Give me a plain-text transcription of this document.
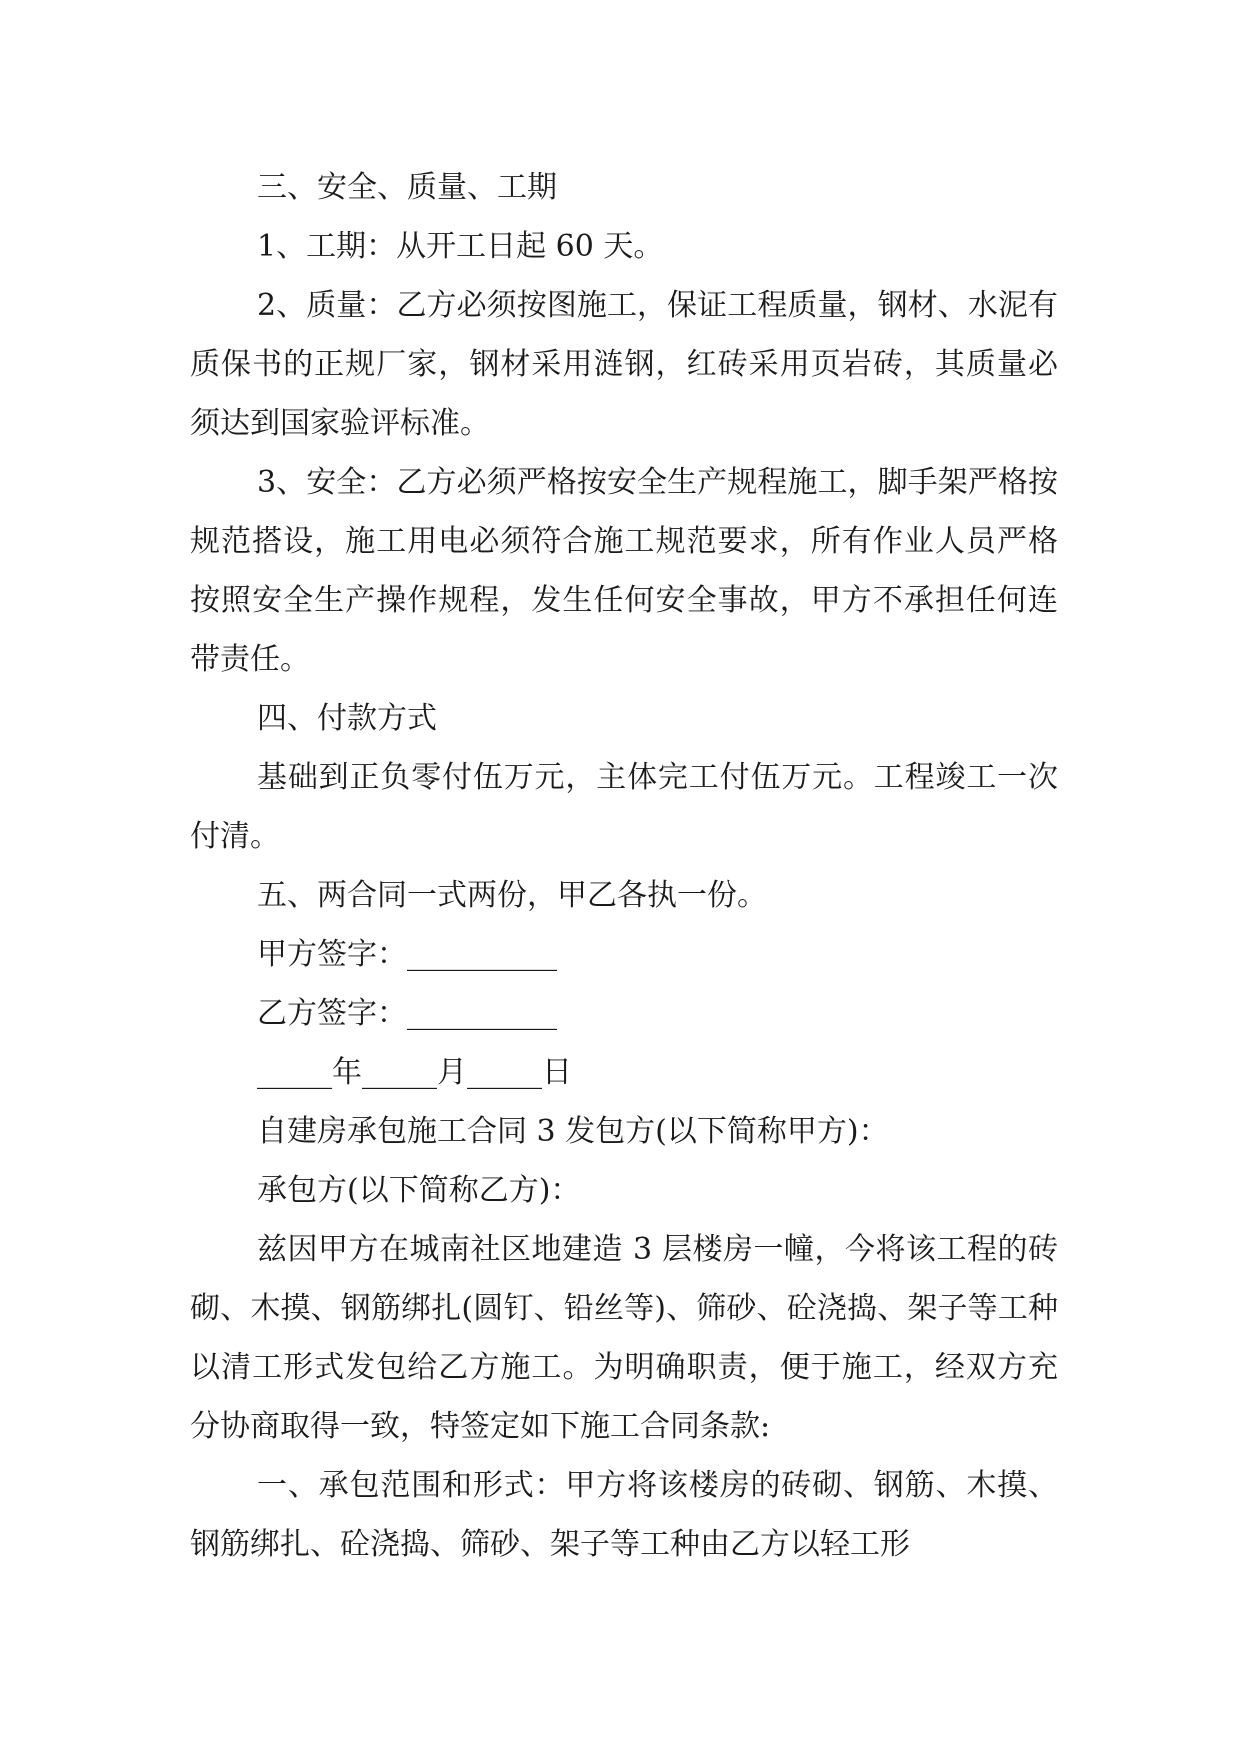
三、安全、质量、工期

1、工期：从开工日起 60 天。

2、质量：乙方必须按图施工，保证工程质量，钢材、水泥有质保书的正规厂家，钢材采用涟钢，红砖采用页岩砖，其质量必须达到国家验评标准。

3、安全：乙方必须严格按安全生产规程施工，脚手架严格按规范搭设，施工用电必须符合施工规范要求，所有作业人员严格按照安全生产操作规程，发生任何安全事故，甲方不承担任何连带责任。

四、付款方式

基础到正负零付伍万元，主体完工付伍万元。工程竣工一次付清。

五、两合同一式两份，甲乙各执一份。

甲方签字：__________

乙方签字：__________

_____年_____月_____日

自建房承包施工合同 3 发包方(以下简称甲方)：

承包方(以下简称乙方)：

兹因甲方在城南社区地建造 3 层楼房一幢，今将该工程的砖砌、木摸、钢筋绑扎(圆钉、铅丝等)、筛砂、砼浇捣、架子等工种以清工形式发包给乙方施工。为明确职责，便于施工，经双方充分协商取得一致，特签定如下施工合同条款:

一、承包范围和形式：甲方将该楼房的砖砌、钢筋、木摸、钢筋绑扎、砼浇捣、筛砂、架子等工种由乙方以轻工形
